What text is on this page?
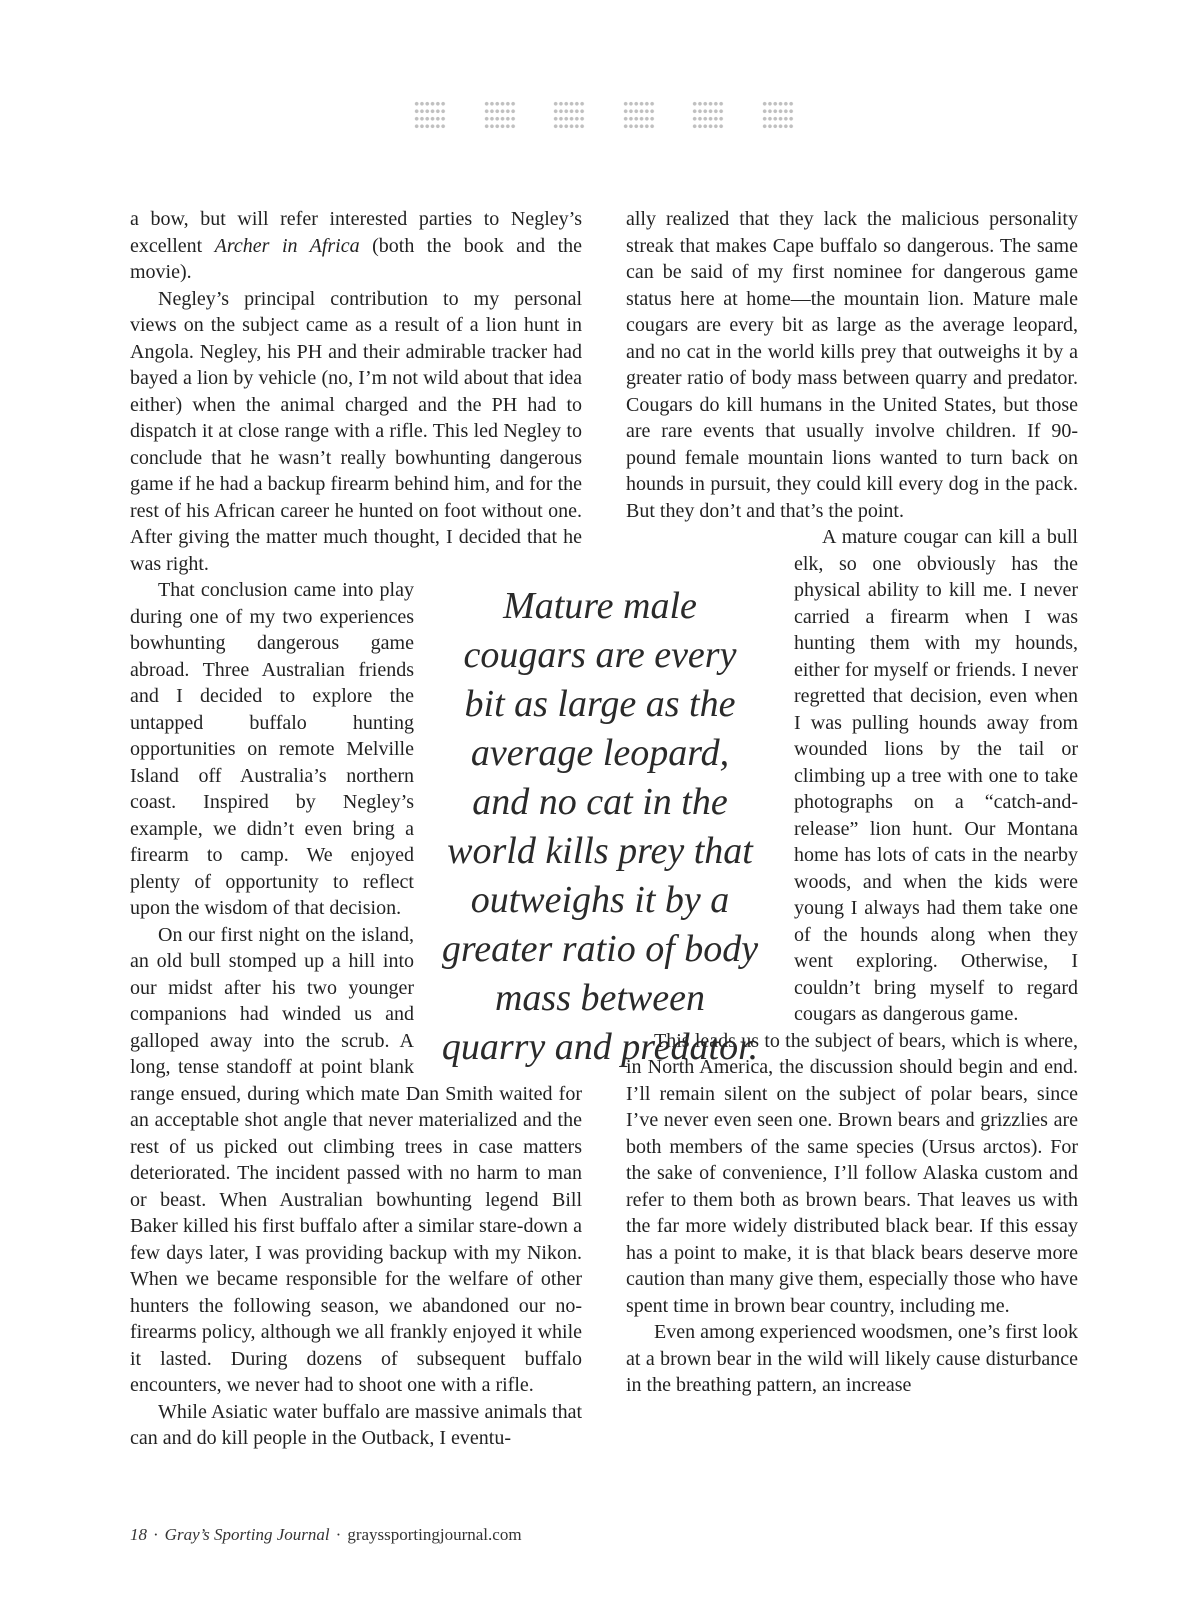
a bow, but will refer interested parties to Negley’s excellent Archer in Africa (both the book and the movie).

Negley’s principal contribution to my personal views on the subject came as a result of a lion hunt in Angola. Negley, his PH and their admirable tracker had bayed a lion by vehicle (no, I’m not wild about that idea either) when the animal charged and the PH had to dispatch it at close range with a rifle. This led Negley to conclude that he wasn’t really bowhunting dangerous game if he had a backup firearm behind him, and for the rest of his African career he hunted on foot without one. After giving the matter much thought, I decided that he was right.

That conclusion came into play during one of my two experiences bowhunting dangerous game abroad. Three Australian friends and I decided to explore the untapped buffalo hunting opportunities on remote Melville Island off Australia’s northern coast. Inspired by Negley’s example, we didn’t even bring a firearm to camp. We enjoyed plenty of opportunity to reflect upon the wisdom of that decision.

On our first night on the island, an old bull stomped up a hill into our midst after his two younger companions had winded us and galloped away into the scrub. A long, tense standoff at point blank range ensued, during which mate Dan Smith waited for an acceptable shot angle that never materialized and the rest of us picked out climbing trees in case matters deteriorated. The incident passed with no harm to man or beast. When Australian bowhunting legend Bill Baker killed his first buffalo after a similar stare-down a few days later, I was providing backup with my Nikon. When we became responsible for the welfare of other hunters the following season, we abandoned our no-firearms policy, although we all frankly enjoyed it while it lasted. During dozens of subsequent buffalo encounters, we never had to shoot one with a rifle.

While Asiatic water buffalo are massive animals that can and do kill people in the Outback, I eventu-

ally realized that they lack the malicious personality streak that makes Cape buffalo so dangerous. The same can be said of my first nominee for dangerous game status here at home—the mountain lion. Mature male cougars are every bit as large as the average leopard, and no cat in the world kills prey that outweighs it by a greater ratio of body mass between quarry and predator. Cougars do kill humans in the United States, but those are rare events that usually involve children. If 90-pound female mountain lions wanted to turn back on hounds in pursuit, they could kill every dog in the pack. But they don’t and that’s the point.

A mature cougar can kill a bull elk, so one obviously has the physical ability to kill me. I never carried a firearm when I was hunting them with my hounds, either for myself or friends. I never regretted that decision, even when I was pulling hounds away from wounded lions by the tail or climbing up a tree with one to take photographs on a “catch-and-release” lion hunt. Our Montana home has lots of cats in the nearby woods, and when the kids were young I always had them take one of the hounds along when they went exploring. Otherwise, I couldn’t bring myself to regard cougars as dangerous game.

This leads us to the subject of bears, which is where, in North America, the discussion should begin and end. I’ll remain silent on the subject of polar bears, since I’ve never even seen one. Brown bears and grizzlies are both members of the same species (Ursus arctos). For the sake of convenience, I’ll follow Alaska custom and refer to them both as brown bears. That leaves us with the far more widely distributed black bear. If this essay has a point to make, it is that black bears deserve more caution than many give them, especially those who have spent time in brown bear country, including me.

Even among experienced woodsmen, one’s first look at a brown bear in the wild will likely cause disturbance in the breathing pattern, an increase

Mature male cougars are every bit as large as the average leopard, and no cat in the world kills prey that outweighs it by a greater ratio of body mass between quarry and predator.
18 · Gray’s Sporting Journal · grayssportingjournal.com
